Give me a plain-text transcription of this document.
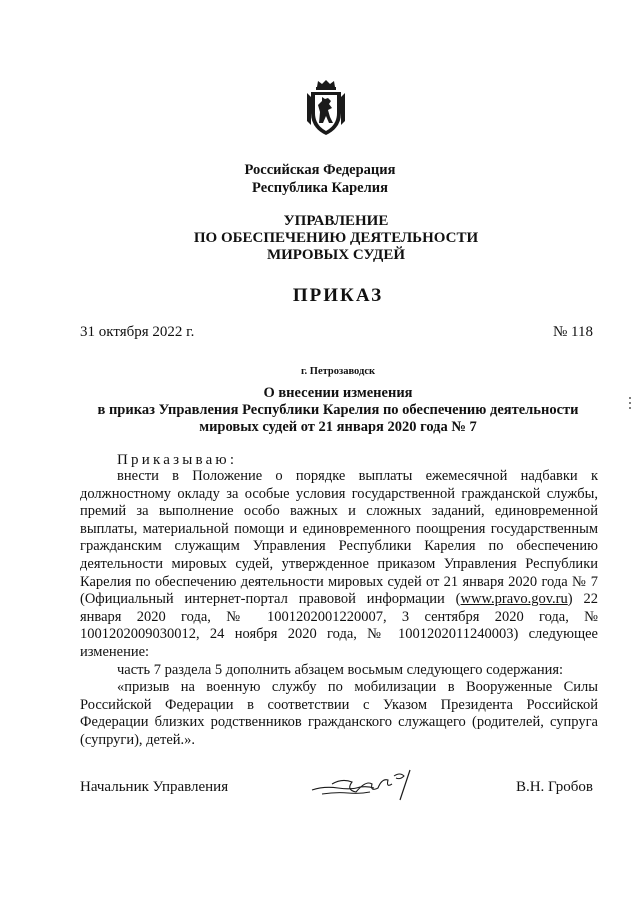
Российская Федерация
Республика Карелия
УПРАВЛЕНИЕ
ПО ОБЕСПЕЧЕНИЮ ДЕЯТЕЛЬНОСТИ
МИРОВЫХ СУДЕЙ
ПРИКАЗ
31 октября 2022 г.	№ 118
г. Петрозаводск
О внесении изменения
в приказ Управления Республики Карелия по обеспечению деятельности
мировых судей от 21 января 2020 года № 7
Приказываю:

внести в Положение о порядке выплаты ежемесячной надбавки к должностному окладу за особые условия государственной гражданской службы, премий за выполнение особо важных и сложных заданий, единовременной выплаты, материальной помощи и единовременного поощрения государственным гражданским служащим Управления Республики Карелия по обеспечению деятельности мировых судей, утвержденное приказом Управления Республики Карелия по обеспечению деятельности мировых судей от 21 января 2020 года № 7 (Официальный интернет-портал правовой информации (www.pravo.gov.ru) 22 января 2020 года, № 1001202001220007, 3 сентября 2020 года, № 1001202009030012, 24 ноября 2020 года, № 1001202011240003) следующее изменение:

часть 7 раздела 5 дополнить абзацем восьмым следующего содержания:

«призыв на военную службу по мобилизации в Вооруженные Силы Российской Федерации в соответствии с Указом Президента Российской Федерации близких родственников гражданского служащего (родителей, супруга (супруги), детей.».

Начальник Управления	В.Н. Гробов
